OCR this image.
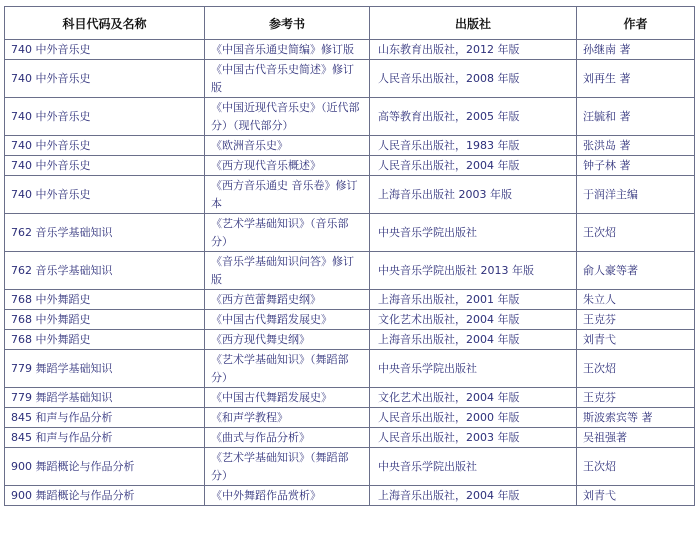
科目代码及名称	参考书	出版社	作者
740 中外音乐史	《中国音乐通史简编》修订版	山东教育出版社，2012 年版	孙继南 著
740 中外音乐史	《中国古代音乐史简述》修订版	人民音乐出版社，2008 年版	刘再生 著
740 中外音乐史	《中国近现代音乐史》（近代部分）（现代部分）	高等教育出版社，2005 年版	汪毓和 著
740 中外音乐史	《欧洲音乐史》	人民音乐出版社，1983 年版	张洪岛 著
740 中外音乐史	《西方现代音乐概述》	人民音乐出版社，2004 年版	钟子林 著
740 中外音乐史	《西方音乐通史 音乐卷》修订本	上海音乐出版社 2003 年版	于润洋主编
762 音乐学基础知识	《艺术学基础知识》（音乐部分）	中央音乐学院出版社	王次炤
762 音乐学基础知识	《音乐学基础知识问答》修订版	中央音乐学院出版社 2013 年版	俞人豪等著
768 中外舞蹈史	《西方芭蕾舞蹈史纲》	上海音乐出版社，2001 年版	朱立人
768 中外舞蹈史	《中国古代舞蹈发展史》	文化艺术出版社，2004 年版	王克芬
768 中外舞蹈史	《西方现代舞史纲》	上海音乐出版社，2004 年版	刘青弋
779 舞蹈学基础知识	《艺术学基础知识》（舞蹈部分）	中央音乐学院出版社	王次炤
779 舞蹈学基础知识	《中国古代舞蹈发展史》	文化艺术出版社，2004 年版	王克芬
845 和声与作品分析	《和声学教程》	人民音乐出版社，2000 年版	斯波索宾等 著
845 和声与作品分析	《曲式与作品分析》	人民音乐出版社，2003 年版	吴祖强著
900 舞蹈概论与作品分析	《艺术学基础知识》（舞蹈部分）	中央音乐学院出版社	王次炤
900 舞蹈概论与作品分析	《中外舞蹈作品赏析》	上海音乐出版社，2004 年版	刘青弋
